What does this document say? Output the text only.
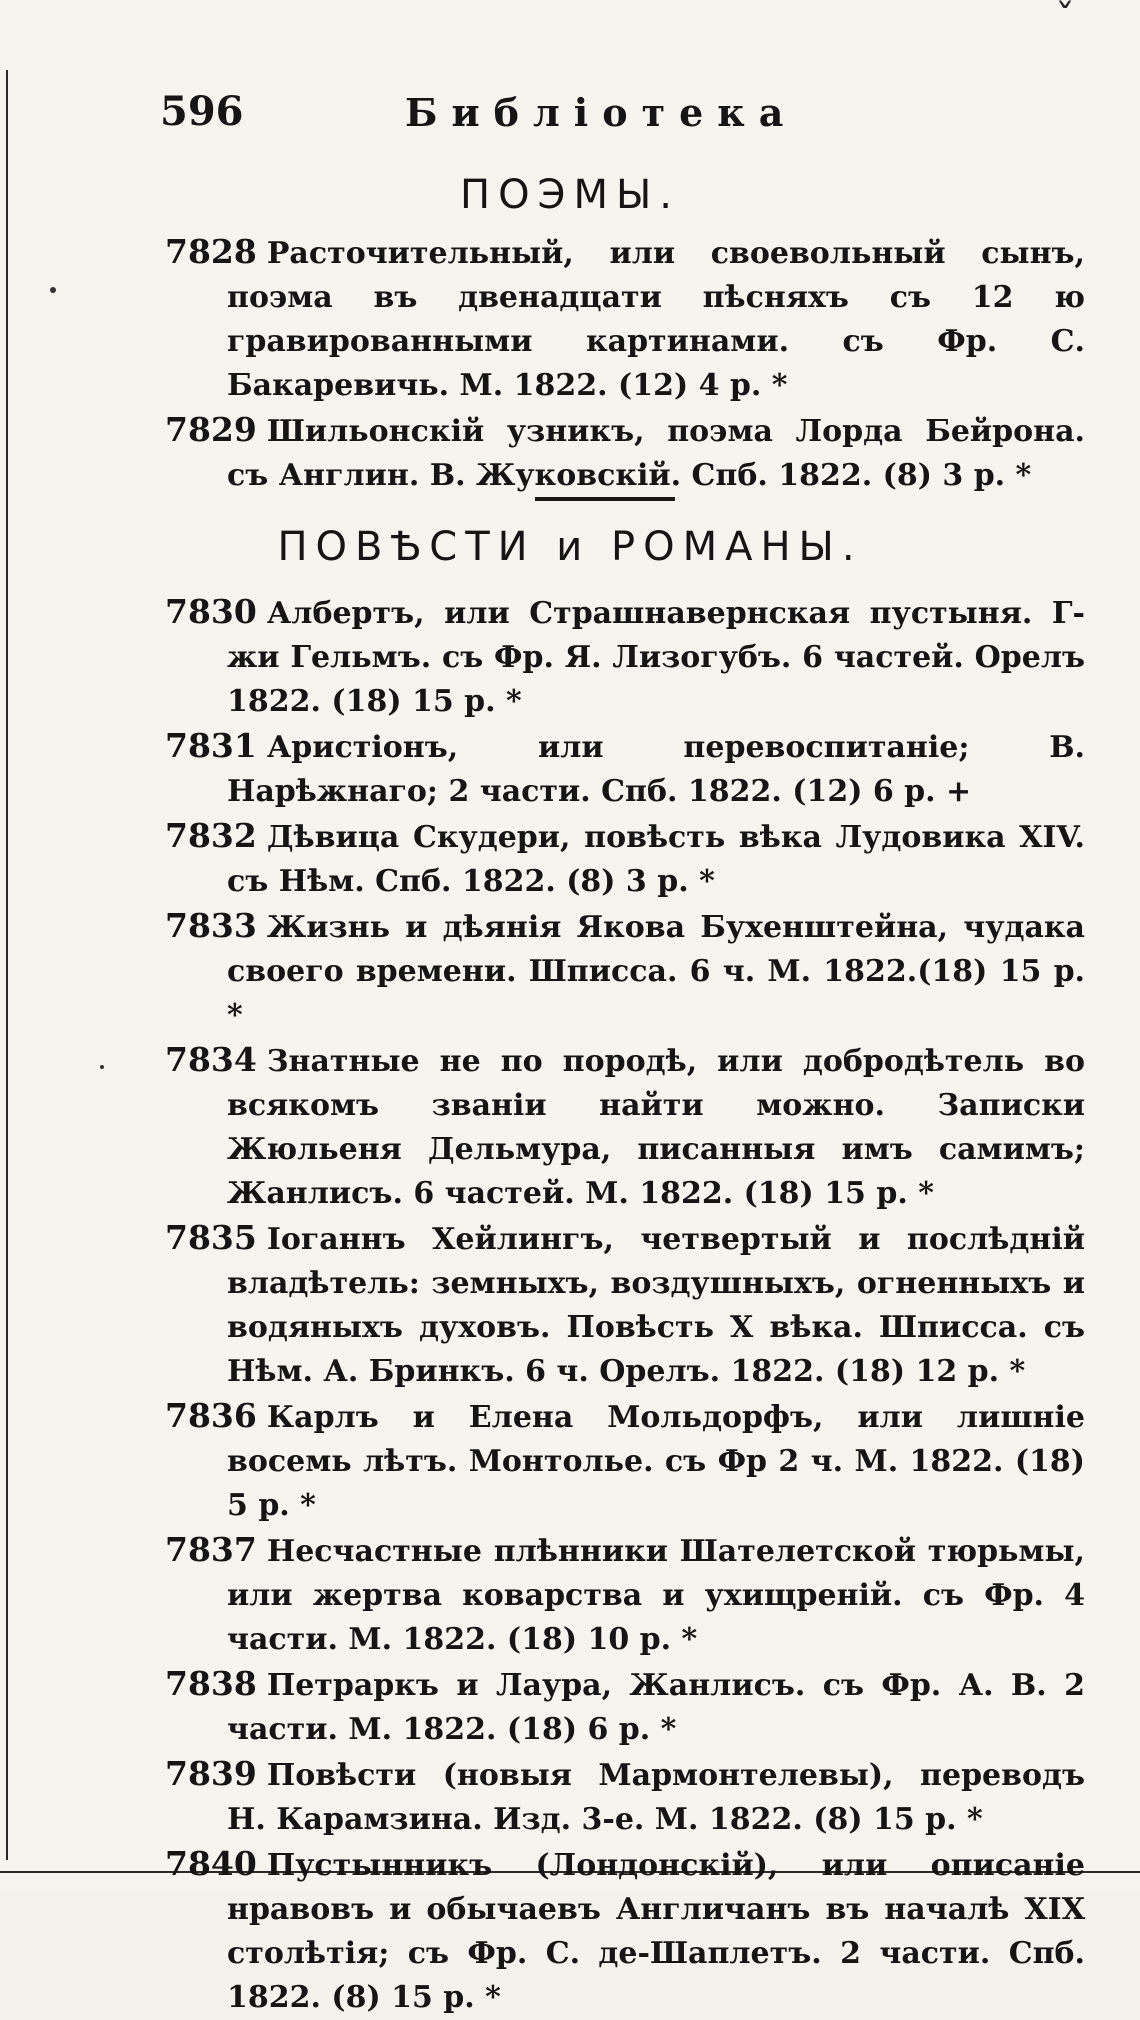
ˇ
596	Библіотека
ПОЭМЫ.
7828 Расточительный, или своевольный сынъ, поэма въ двенадцати пѣсняхъ съ 12 ю гравированными картинами. съ Фр. С. Бакаревичь. М. 1822. (12) 4 р. *
7829 Шильонскій узникъ, поэма Лорда Бейрона. съ Англин. В. Жуковскій. Спб. 1822. (8) 3 р. *
ПОВѢСТИ и РОМАНЫ.
7830 Албертъ, или Страшнавернская пустыня. Г-жи Гельмъ. съ Фр. Я. Лизогубъ. 6 частей. Орелъ 1822. (18) 15 р. *
7831 Аристіонъ, или перевоспитаніе; В. Нарѣжнаго; 2 части. Спб. 1822. (12) 6 р. +
7832 Дѣвица Скудери, повѣсть вѣка Лудовика XIV. съ Нѣм. Спб. 1822. (8) 3 р. *
7833 Жизнь и дѣянія Якова Бухенштейна, чудака своего времени. Шписса. 6 ч. М. 1822.(18) 15 р. *
7834 Знатные не по породѣ, или добродѣтель во всякомъ званіи найти можно. Записки Жюльеня Дельмура, писанныя имъ самимъ; Жанлисъ. 6 частей. М. 1822. (18) 15 р. *
7835 Іоганнъ Хейлингъ, четвертый и послѣдній владѣтель: земныхъ, воздушныхъ, огненныхъ и водяныхъ духовъ. Повѣсть X вѣка. Шписса. съ Нѣм. А. Бринкъ. 6 ч. Орелъ. 1822. (18) 12 р. *
7836 Карлъ и Елена Мольдорфъ, или лишніе восемь лѣтъ. Монтолье. съ Фр 2 ч. М. 1822. (18) 5 р. *
7837 Несчастные плѣнники Шателетской тюрьмы, или жертва коварства и ухищреній. съ Фр. 4 части. М. 1822. (18) 10 р. *
7838 Петраркъ и Лаура, Жанлисъ. съ Фр. А. В. 2 части. М. 1822. (18) 6 р. *
7839 Повѣсти (новыя Мармонтелевы), переводъ Н. Карамзина. Изд. 3-е. М. 1822. (8) 15 р. *
7840 Пустынникъ (Лондонскій), или описаніе нравовъ и обычаевъ Англичанъ въ началѣ XIX столѣтія; съ Фр. С. де-Шаплетъ. 2 части. Спб. 1822. (8) 15 р. *
